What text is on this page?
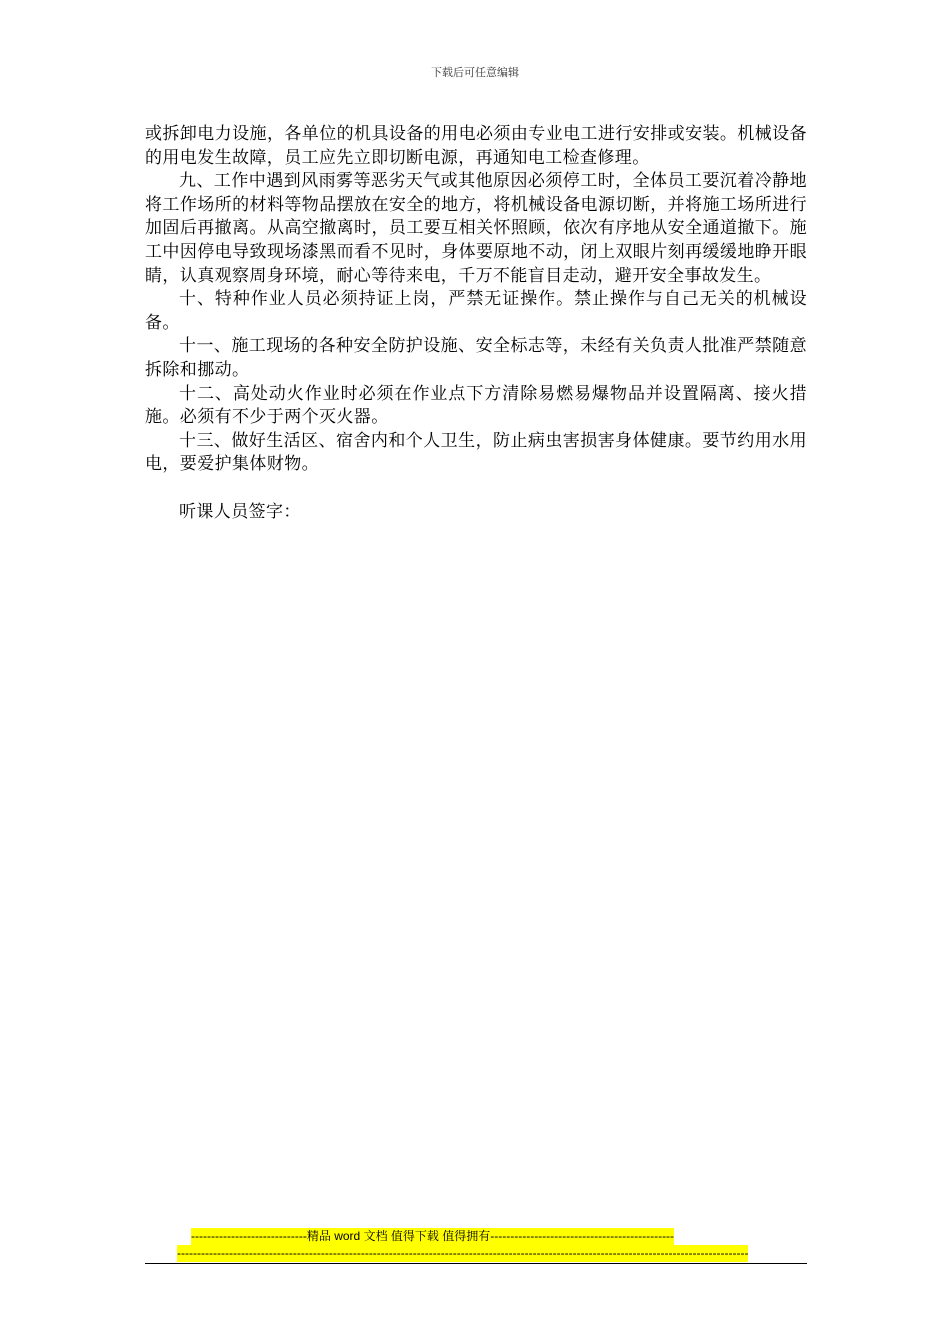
下载后可任意编辑

或拆卸电力设施，各单位的机具设备的用电必须由专业电工进行安排或安装。机械设备的用电发生故障，员工应先立即切断电源，再通知电工检查修理。

九、工作中遇到风雨雾等恶劣天气或其他原因必须停工时，全体员工要沉着冷静地将工作场所的材料等物品摆放在安全的地方，将机械设备电源切断，并将施工场所进行加固后再撤离。从高空撤离时，员工要互相关怀照顾，依次有序地从安全通道撤下。施工中因停电导致现场漆黑而看不见时，身体要原地不动，闭上双眼片刻再缓缓地睁开眼睛，认真观察周身环境，耐心等待来电，千万不能盲目走动，避开安全事故发生。

十、特种作业人员必须持证上岗，严禁无证操作。禁止操作与自己无关的机械设备。

十一、施工现场的各种安全防护设施、安全标志等，未经有关负责人批准严禁随意拆除和挪动。

十二、高处动火作业时必须在作业点下方清除易燃易爆物品并设置隔离、接火措施。必须有不少于两个灭火器。

十三、做好生活区、宿舍内和个人卫生，防止病虫害损害身体健康。要节约用水用电，要爱护集体财物。

听课人员签字：

-----------------------------精品 word 文档 值得下载 值得拥有----------------------------------------------
-----------------------------------------------------------------------------------------------------------------------------------------------
